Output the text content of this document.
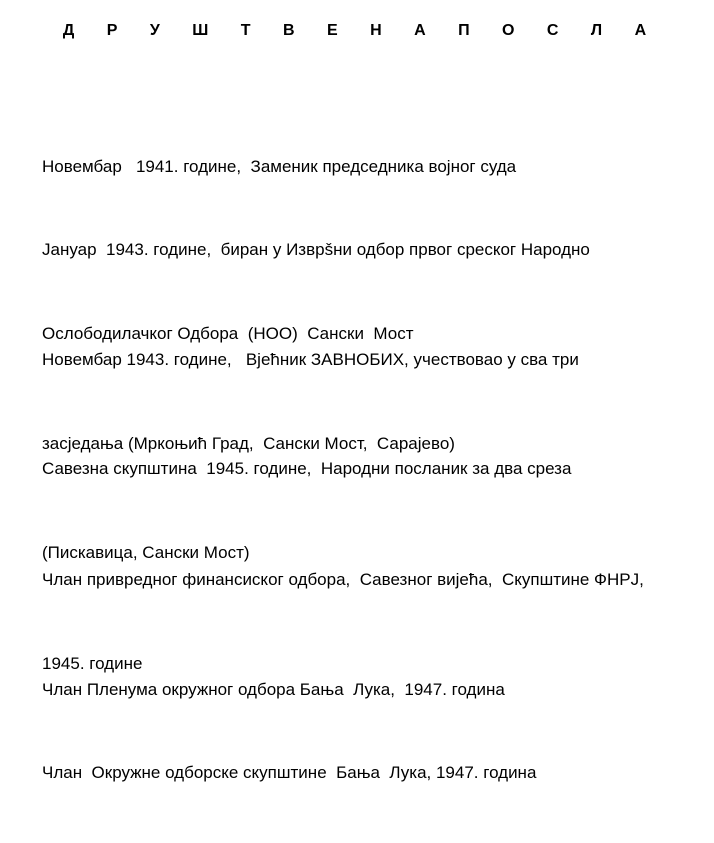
Д Р У Ш Т В Е Н А П О С Л А

Новембар   1941. године,  Заменик председника војног суда

Јануар  1943. године,  биран у Изврšни одбор првог среског Народно

Ослободилачког Одбора  (НОО)  Сански  Мост

Новембар 1943. године,   Вјећник ЗАВНОБИХ, учествовао у сва три

засједања (Мркоњић Град,  Сански Мост,  Сарајево)

Савезна скупштина  1945. године,  Народни посланик за два среза

(Пискавица, Сански Мост)

Члан привредног финансиског одбора,  Савезног вијећа,  Скупштине ФНРЈ,

1945. године

Члан Пленума окружног одбора Бања  Лука,  1947. година

Члан  Окружне одборске скупштине  Бања  Лука, 1947. година
